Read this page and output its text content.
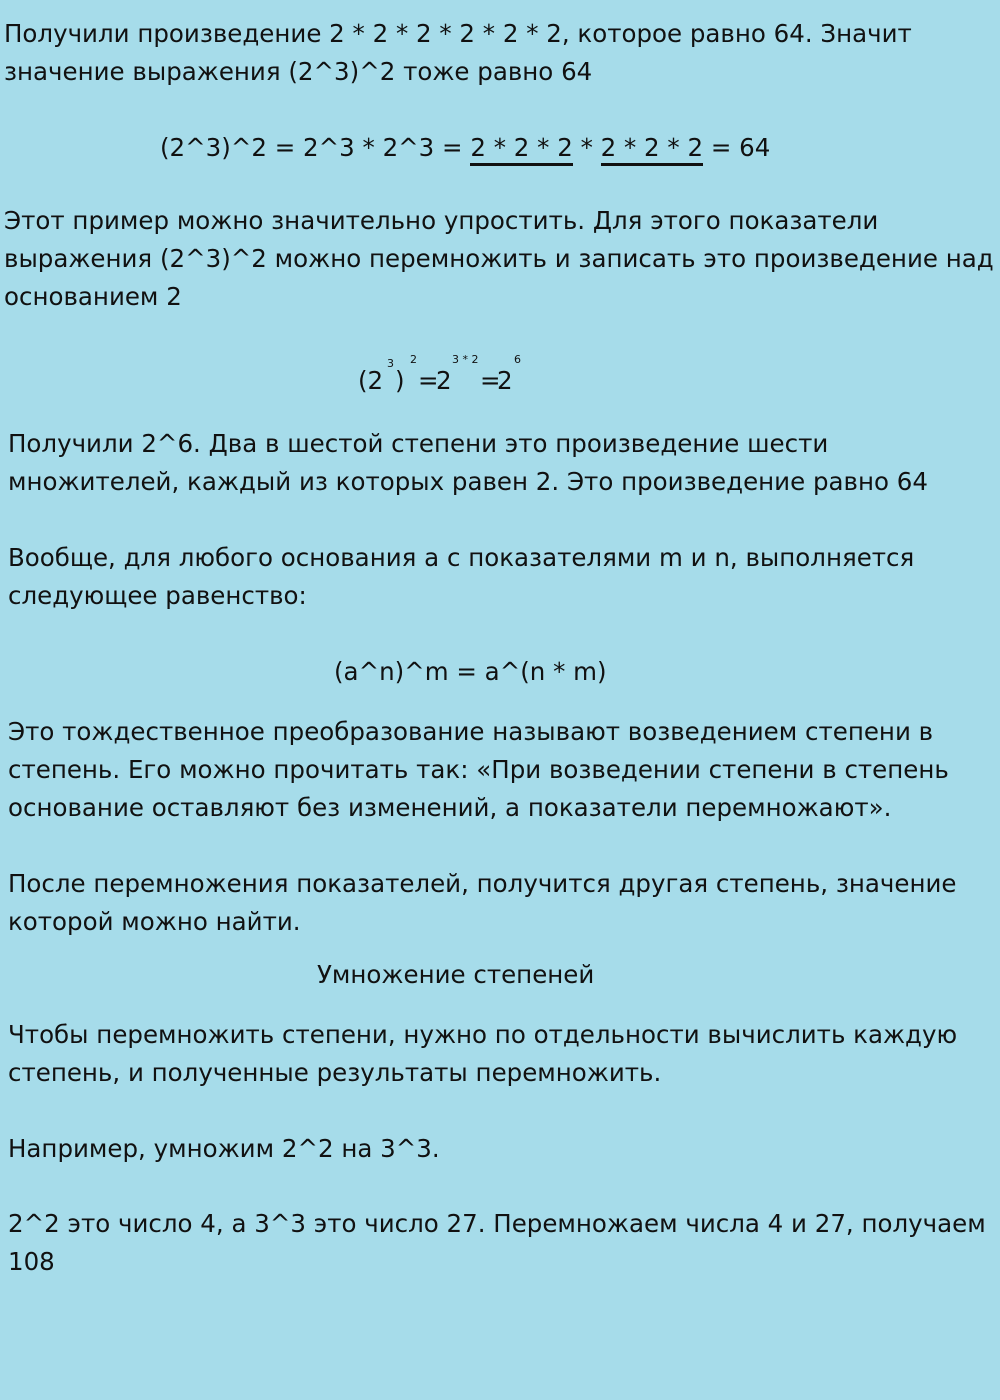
Получили произведение 2 * 2 * 2 * 2 * 2 * 2, которое равно 64. Значит
значение выражения (2^3)^2 тоже равно 64

(2^3)^2 = 2^3 * 2^3 = 2 * 2 * 2 * 2 * 2 * 2 = 64

Этот пример можно значительно упростить. Для этого показатели
выражения (2^3)^2 можно перемножить и записать это произведение над
основанием 2

(2
3
)
2
=
2
3 * 2
=
2
6

Получили 2^6. Два в шестой степени это произведение шести
множителей, каждый из которых равен 2. Это произведение равно 64

Вообще, для любого основания a с показателями m и n, выполняется
следующее равенство:

(a^n)^m = a^(n * m)

Это тождественное преобразование называют возведением степени в
степень. Его можно прочитать так: «При возведении степени в степень
основание оставляют без изменений, а показатели перемножают».

После перемножения показателей, получится другая степень, значение
которой можно найти.

Умножение степеней

Чтобы перемножить степени, нужно по отдельности вычислить каждую
степень, и полученные результаты перемножить.

Например, умножим 2^2 на 3^3.

2^2 это число 4, а 3^3 это число 27. Перемножаем числа 4 и 27, получаем
108
